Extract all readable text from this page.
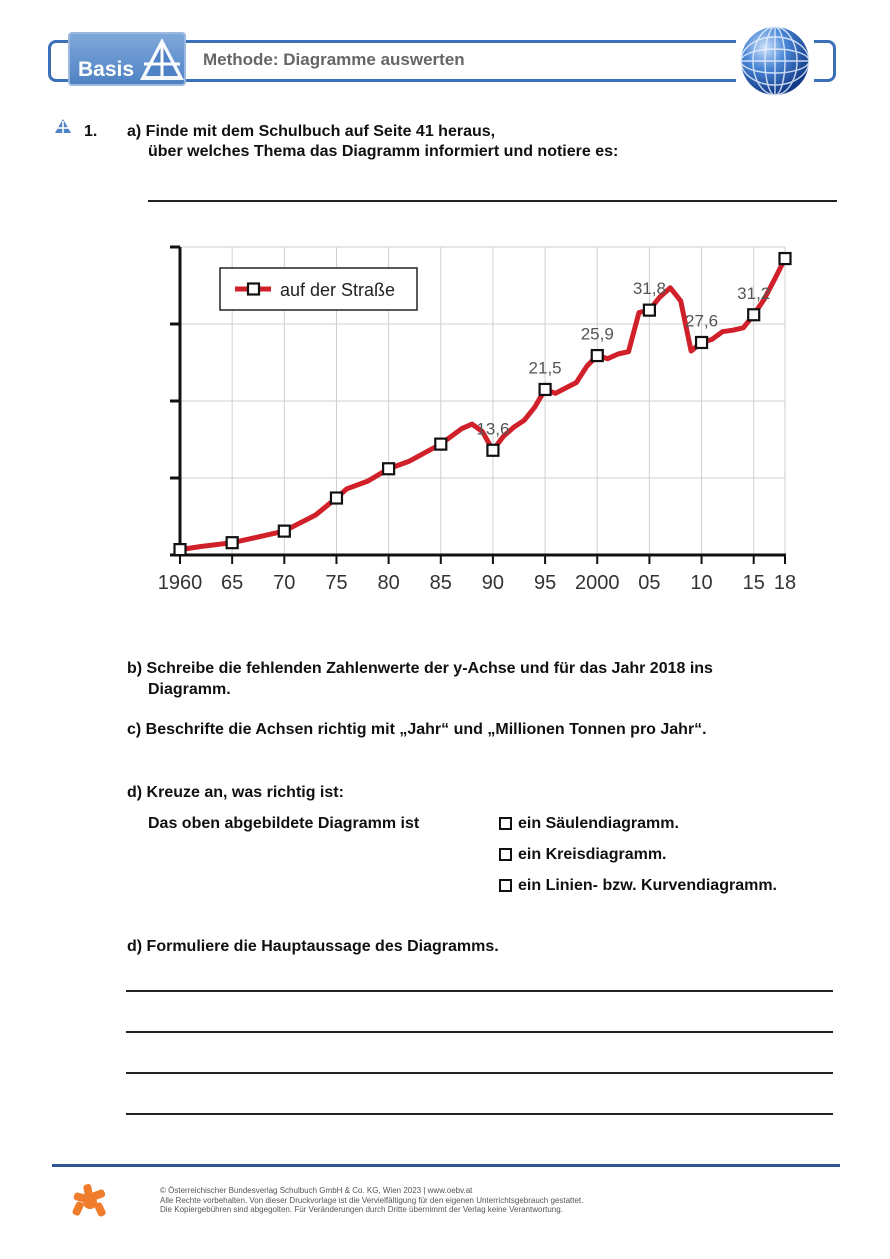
Basis	Methode: Diagramme auswerten
1. a) Finde mit dem Schulbuch auf Seite 41 heraus,
über welches Thema das Diagramm informiert und notiere es:
1960 65 70 75 80 85 90 95 2000 05 10 15 18
13,6
21,5
25,9
31,8
27,6
31,2
auf der Straße
b) Schreibe die fehlenden Zahlenwerte der y-Achse und für das Jahr 2018 ins
Diagramm.
c) Beschrifte die Achsen richtig mit „Jahr“ und „Millionen Tonnen pro Jahr“.
d) Kreuze an, was richtig ist:
Das oben abgebildete Diagramm ist	ein Säulendiagramm.
ein Kreisdiagramm.
ein Linien- bzw. Kurvendiagramm.
d) Formuliere die Hauptaussage des Diagramms.
© Österreichischer Bundesverlag Schulbuch GmbH & Co. KG, Wien 2023 | www.oebv.at
Alle Rechte vorbehalten. Von dieser Druckvorlage ist die Vervielfältigung für den eigenen Unterrichtsgebrauch gestattet.
Die Kopiergebühren sind abgegolten. Für Veränderungen durch Dritte übernimmt der Verlag keine Verantwortung.
